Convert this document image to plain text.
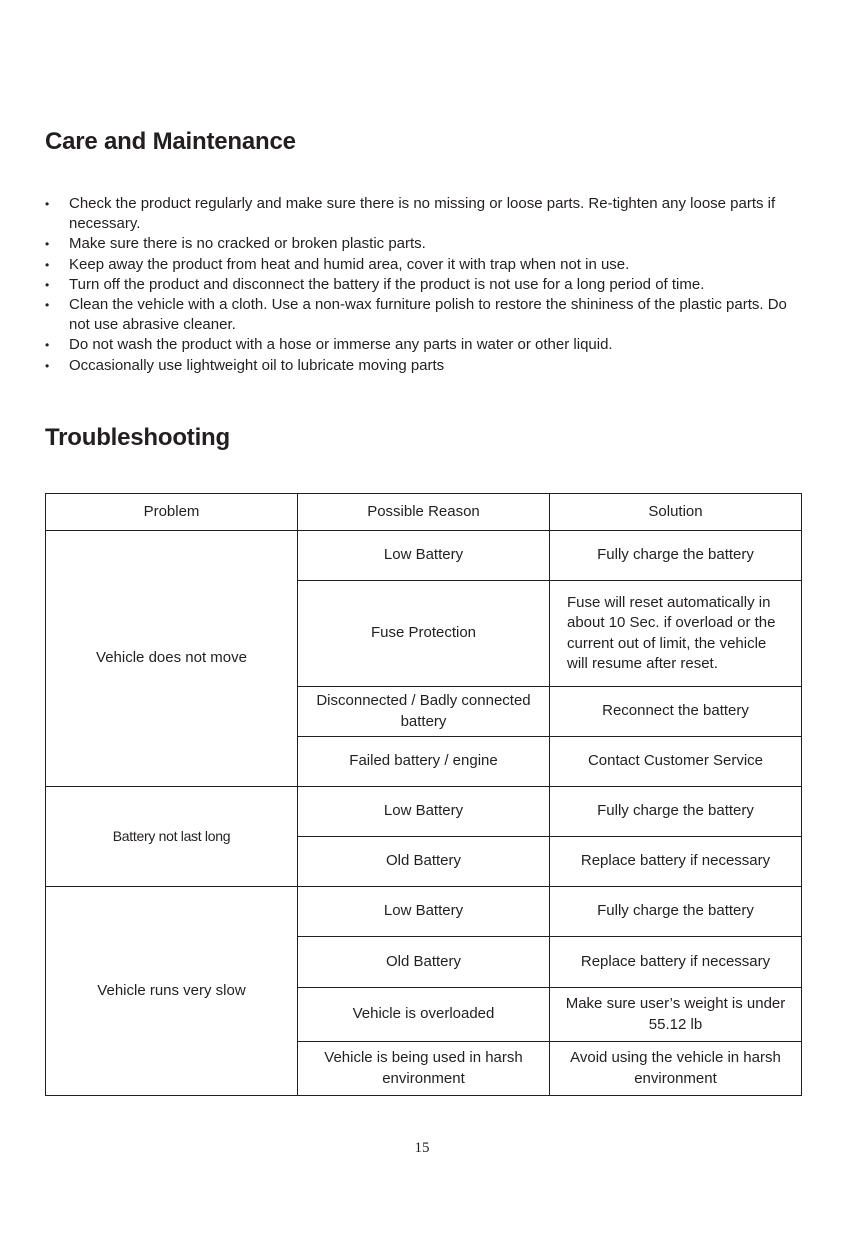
Care and Maintenance
• Check the product regularly and make sure there is no missing or loose parts. Re-tighten any loose parts if necessary.
• Make sure there is no cracked or broken plastic parts.
• Keep away the product from heat and humid area, cover it with trap when not in use.
• Turn off the product and disconnect the battery if the product is not use for a long period of time.
• Clean the vehicle with a cloth. Use a non-wax furniture polish to restore the shininess of the plastic parts. Do not use abrasive cleaner.
• Do not wash the product with a hose or immerse any parts in water or other liquid.
• Occasionally use lightweight oil to lubricate moving parts
Troubleshooting
Problem	Possible Reason	Solution
Vehicle does not move	Low Battery	Fully charge the battery
	Fuse Protection	Fuse will reset automatically in about 10 Sec. if overload or the current out of limit, the vehicle will resume after reset.
	Disconnected / Badly connected battery	Reconnect the battery
	Failed battery / engine	Contact Customer Service
Battery not last long	Low Battery	Fully charge the battery
	Old Battery	Replace battery if necessary
Vehicle runs very slow	Low Battery	Fully charge the battery
	Old Battery	Replace battery if necessary
	Vehicle is overloaded	Make sure user’s weight is under 55.12 lb
	Vehicle is being used in harsh environment	Avoid using the vehicle in harsh environment
15
